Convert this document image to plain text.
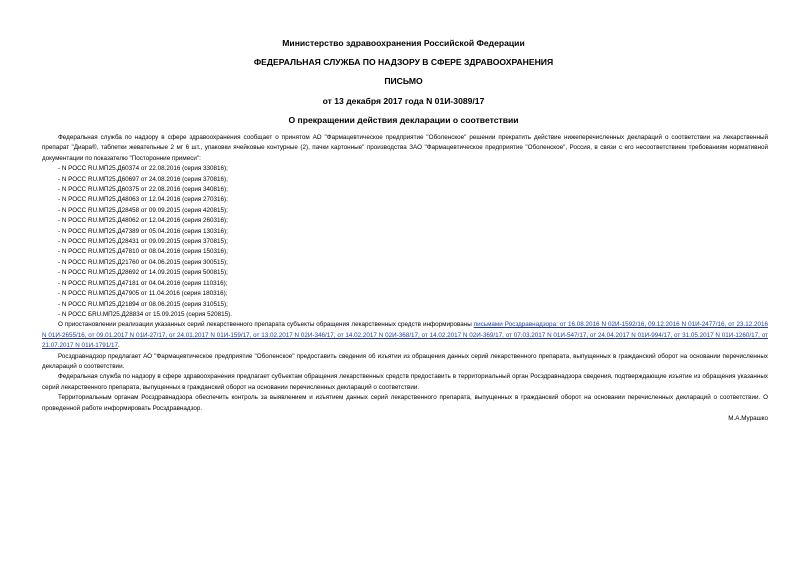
Министерство здравоохранения Российской Федерации
ФЕДЕРАЛЬНАЯ СЛУЖБА ПО НАДЗОРУ В СФЕРЕ ЗДРАВООХРАНЕНИЯ
ПИСЬМО
от 13 декабря 2017 года N 01И-3089/17
О прекращении действия декларации о соответствии

Федеральная служба по надзору в сфере здравоохранения сообщает о принятом АО "Фармацевтическое предприятие "Оболенское" решении прекратить действие нижеперечисленных деклараций о соответствии на лекарственный препарат "Диара®, таблетки жевательные 2 мг 6 шт., упаковки ячейковые контурные (2), пачки картонные" производства ЗАО "Фармацевтическое предприятие "Оболенское", Россия, в связи с его несоответствием требованиям нормативной документации по показателю "Посторонние примеси":

- N РОСС RU.МП25.Д60374 от 22.08.2016 (серия 330816);
- N РОСС RU.МП25.Д60697 от 24.08.2016 (серия 370816);
- N РОСС RU.МП25.Д60375 от 22.08.2016 (серия 340816);
- N РОСС RU.МП25.Д48063 от 12.04.2016 (серия 270316);
- N РОСС RU.МП25.Д28458 от 09.09.2015 (серия 420815);
- N РОСС RU.МП25.Д48062 от 12.04.2016 (серия 260316);
- N РОСС RU.МП25.Д47389 от 05.04.2016 (серия 130316);
- N РОСС RU.МП25.Д28431 от 09.09.2015 (серия 370815);
- N РОСС RU.МП25.Д47810 от 08.04.2016 (серия 150316);
- N РОСС RU.МП25.Д21760 от 04.06.2015 (серия 300515);
- N РОСС RU.МП25.Д28692 от 14.09.2015 (серия 500815);
- N РОСС RU.МП25.Д47181 от 04.04.2016 (серия 110316);
- N РОСС RU.МП25.Д47905 от 11.04.2016 (серия 180316);
- N РОСС RU.МП25.Д21894 от 08.06.2015 (серия 310515);
- N РОСС БRU.МП25.Д28834 от 15.09.2015 (серия 520815).

О приостановлении реализации указанных серий лекарственного препарата субъекты обращения лекарственных средств информированы письмами Росздравнадзора: от 16.08.2016 N 02И-1592/16, 09.12.2016 N 01И-2477/16, от 23.12.2016 N 01И-2655/16, от 09.01.2017 N 01И-27/17, от 24.01.2017 N 01И-159/17, от 13.02.2017 N 02И-346/17, от 14.02.2017 N 02И-368/17, от 14.02.2017 N 02И-369/17, от 07.03.2017 N 01И-547/17, от 24.04.2017 N 01И-994/17, от 31.05.2017 N 01И-1260/17, от 21.07.2017 N 01И-1791/17.

Росздравнадзор предлагает АО "Фармацевтическое предприятие "Оболенское" предоставить сведения об изъятии из обращения данных серий лекарственного препарата, выпущенных в гражданский оборот на основании перечисленных деклараций о соответствии.

Федеральная служба по надзору в сфере здравоохранения предлагает субъектам обращения лекарственных средств предоставить в территориальный орган Росздравнадзора сведения, подтверждающие изъятие из обращения указанных серий лекарственного препарата, выпущенных в гражданский оборот на основании перечисленных деклараций о соответствии.

Территориальным органам Росздравнадзора обеспечить контроль за выявлением и изъятием данных серий лекарственного препарата, выпущенных в гражданский оборот на основании перечисленных деклараций о соответствии. О проведенной работе информировать Росздравнадзор.

М.А.Мурашко
